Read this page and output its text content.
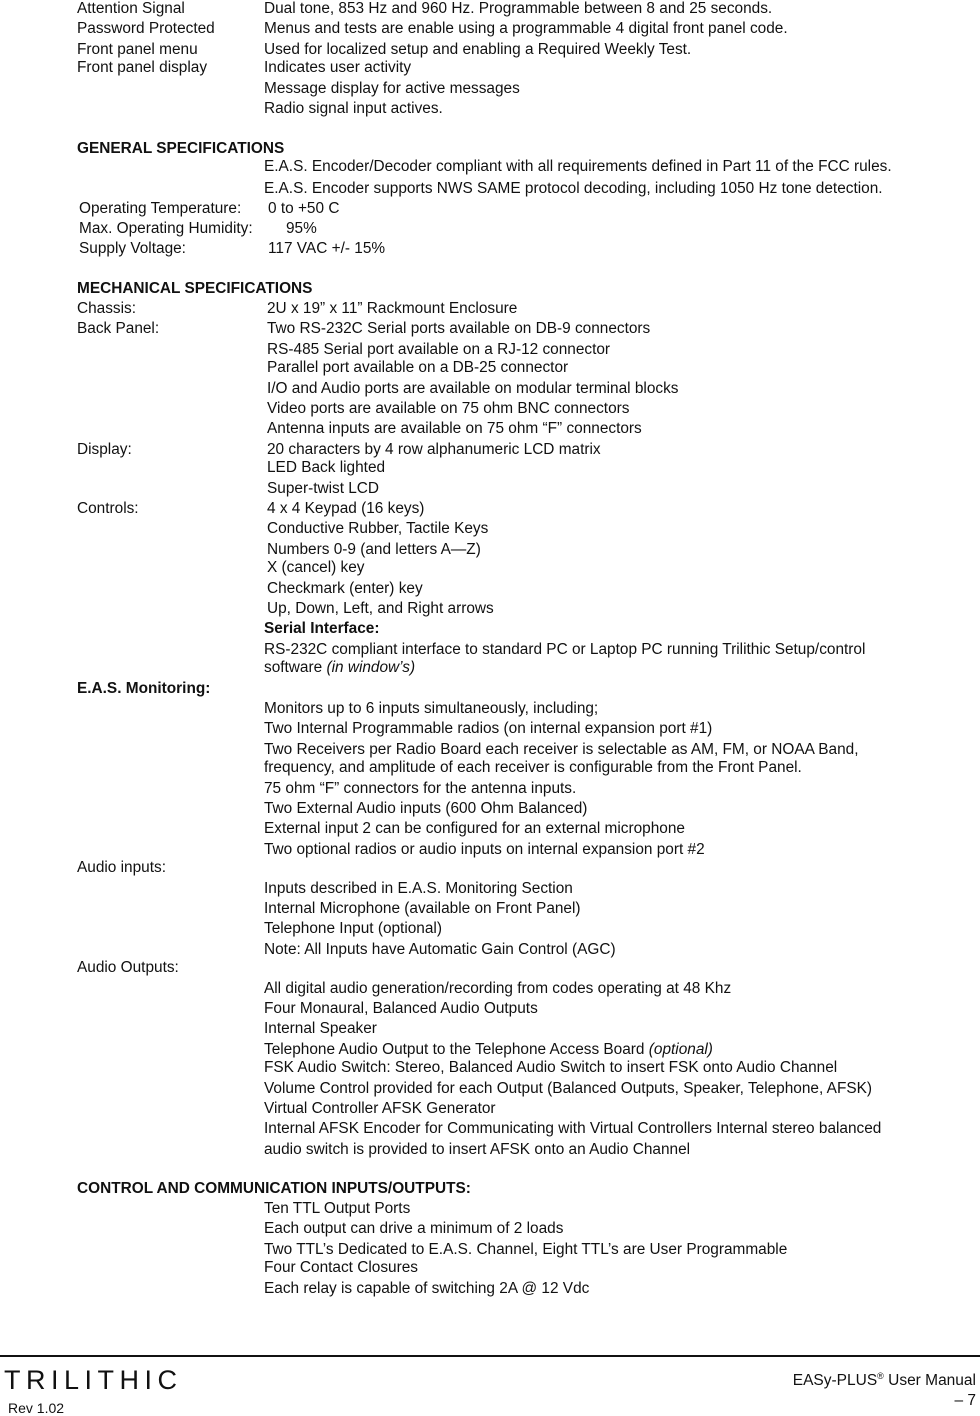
Attention Signal	Dual tone, 853 Hz and 960 Hz. Programmable between 8 and 25 seconds.
Password Protected	Menus and tests are enable using a programmable 4 digital front panel code.
Front panel menu	Used for localized setup and enabling a Required Weekly Test.
Front panel display	Indicates user activity
Message display for active messages
Radio signal input actives.
GENERAL SPECIFICATIONS
E.A.S. Encoder/Decoder compliant with all requirements defined in Part 11 of the FCC rules.
E.A.S. Encoder supports NWS SAME protocol decoding, including 1050 Hz tone detection.
Operating Temperature: 0 to +50 C
Max. Operating Humidity: 95%
Supply Voltage:	117 VAC +/- 15%
MECHANICAL SPECIFICATIONS
Chassis:	2U x 19” x 11” Rackmount Enclosure
Back Panel:	Two RS-232C Serial ports available on DB-9 connectors
RS-485 Serial port available on a RJ-12 connector
Parallel port available on a DB-25 connector
I/O and Audio ports are available on modular terminal blocks
Video ports are available on 75 ohm BNC connectors
Antenna inputs are available on 75 ohm “F” connectors
Display:	20 characters by 4 row alphanumeric LCD matrix
LED Back lighted
Super-twist LCD
Controls:	4 x 4 Keypad (16 keys)
Conductive Rubber, Tactile Keys
Numbers 0-9 (and letters A—Z)
X (cancel) key
Checkmark (enter) key
Up, Down, Left, and Right arrows
Serial Interface:
RS-232C compliant interface to standard PC or Laptop PC running Trilithic Setup/control
software (in window’s)
E.A.S. Monitoring:
Monitors up to 6 inputs simultaneously, including;
Two Internal Programmable radios (on internal expansion port #1)
Two Receivers per Radio Board each receiver is selectable as AM, FM, or NOAA Band,
frequency, and amplitude of each receiver is configurable from the Front Panel.
75 ohm “F” connectors for the antenna inputs.
Two External Audio inputs (600 Ohm Balanced)
External input 2 can be configured for an external microphone
Two optional radios or audio inputs on internal expansion port #2
Audio inputs:
Inputs described in E.A.S. Monitoring Section
Internal Microphone (available on Front Panel)
Telephone Input (optional)
Note: All Inputs have Automatic Gain Control (AGC)
Audio Outputs:
All digital audio generation/recording from codes operating at 48 Khz
Four Monaural, Balanced Audio Outputs
Internal Speaker
Telephone Audio Output to the Telephone Access Board (optional)
FSK Audio Switch: Stereo, Balanced Audio Switch to insert FSK onto Audio Channel
Volume Control provided for each Output (Balanced Outputs, Speaker, Telephone, AFSK)
Virtual Controller AFSK Generator
Internal AFSK Encoder for Communicating with Virtual Controllers Internal stereo balanced
audio switch is provided to insert AFSK onto an Audio Channel
CONTROL AND COMMUNICATION INPUTS/OUTPUTS:
Ten TTL Output Ports
Each output can drive a minimum of 2 loads
Two TTL’s Dedicated to E.A.S. Channel, Eight TTL’s are User Programmable
Four Contact Closures
Each relay is capable of switching 2A @ 12 Vdc
TRILITHIC
Rev 1.02
EASy-PLUS® User Manual
– 7
